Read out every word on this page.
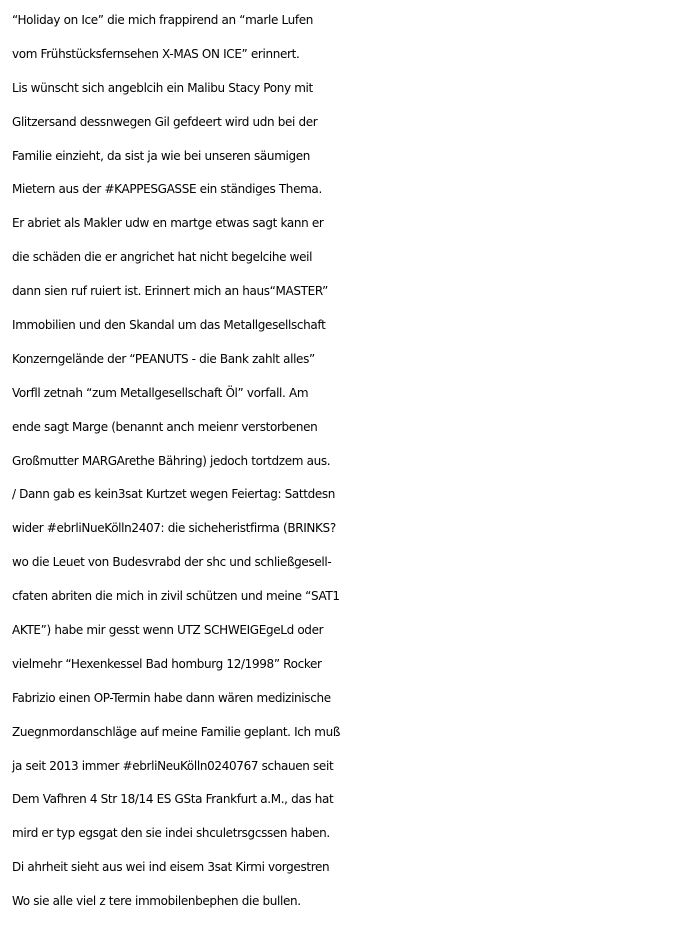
“Holiday on Ice” die mich frappirend an “marle Lufen
vom Frühstücksfernsehen X-MAS ON ICE” erinnert.
Lis wünscht sich angeblcih ein Malibu Stacy Pony mit
Glitzersand dessnwegen Gil gefdeert wird udn bei der
Familie einzieht, da sist ja wie bei unseren säumigen
Mietern aus der #KAPPESGASSE ein ständiges Thema.
Er abriet als Makler udw en martge etwas sagt kann er
die schäden die er angrichet hat nicht begelcihe weil
dann sien ruf ruiert ist. Erinnert mich an haus“MASTER”
Immobilien und den Skandal um das Metallgesellschaft
Konzerngelände der “PEANUTS - die Bank zahlt alles”
Vorfll zetnah “zum Metallgesellschaft Öl” vorfall. Am
ende sagt Marge (benannt anch meienr verstorbenen
Großmutter MARGArethe Bähring) jedoch tortdzem aus.
/ Dann gab es kein3sat Kurtzet wegen Feiertag: Sattdesn
wider #ebrliNueKölln2407: die sicheheristfirma (BRINKS?
wo die Leuet von Budesvrabd der shc und schließgesell-
cfaten abriten die mich in zivil schützen und meine “SAT1
AKTE”) habe mir gesst wenn UTZ SCHWEIGEgeLd oder
vielmehr “Hexenkessel Bad homburg 12/1998” Rocker
Fabrizio einen OP-Termin habe dann wären medizinische
Zuegnmordanschläge auf meine Familie geplant. Ich muß
ja seit 2013 immer #ebrliNeuKölln0240767 schauen seit
Dem Vafhren 4 Str 18/14 ES GSta Frankfurt a.M., das hat
mird er typ egsgat den sie indei shculetrsgcssen haben.
Di ahrheit sieht aus wei ind eisem 3sat Kirmi vorgestren
Wo sie alle viel z tere immobilenbephen die bullen.
